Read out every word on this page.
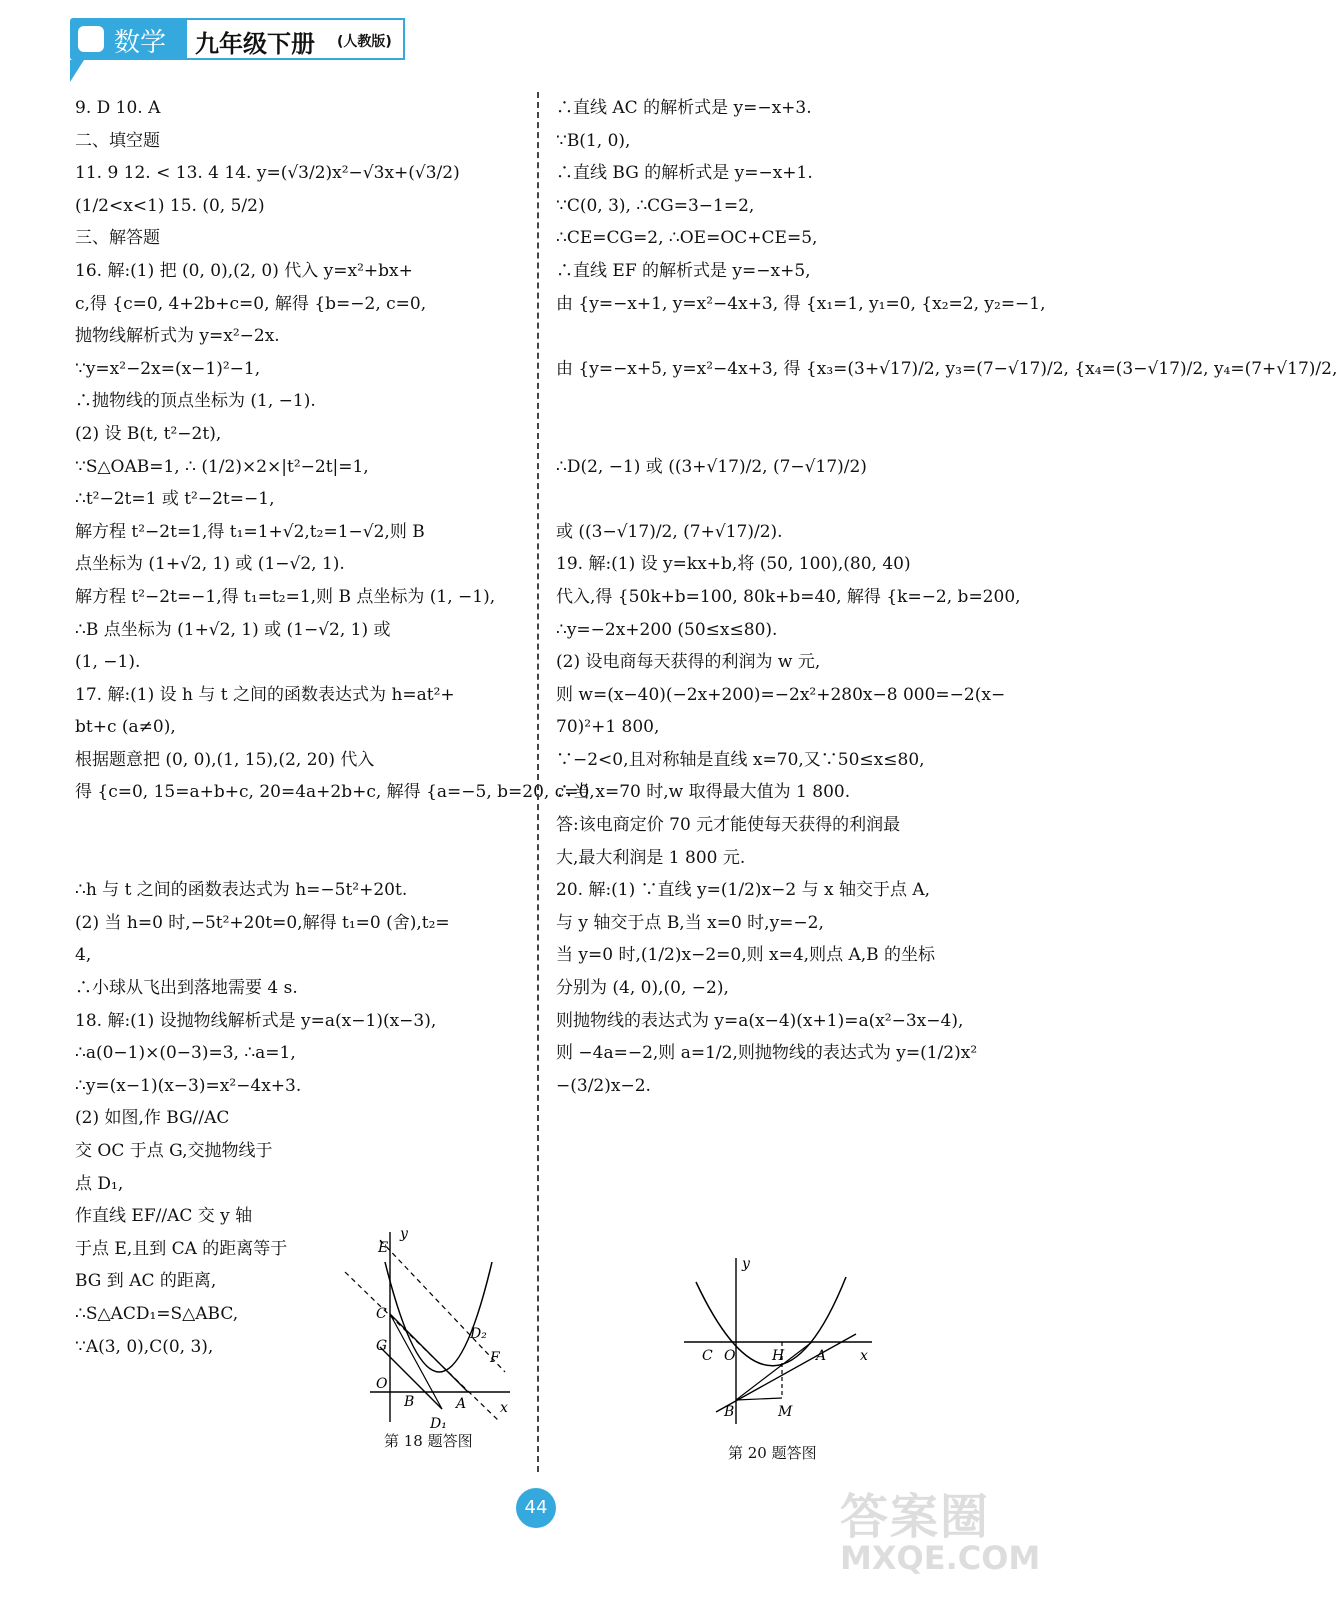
数学 九年级下册 (人教版)
9. D 10. A
二、填空题
11. 9 12. < 13. 4 14. y=(√3/2)x²−√3x+(√3/2)
(1/2<x<1) 15. (0, 5/2)
三、解答题
16. 解:(1) 把 (0, 0),(2, 0) 代入 y=x²+bx+
c,得 {c=0, 4+2b+c=0, 解得 {b=−2, c=0,
抛物线解析式为 y=x²−2x.
∵y=x²−2x=(x−1)²−1,
∴抛物线的顶点坐标为 (1, −1).
(2) 设 B(t, t²−2t),
∵S△OAB=1, ∴ (1/2)×2×|t²−2t|=1,
∴t²−2t=1 或 t²−2t=−1,
解方程 t²−2t=1,得 t₁=1+√2,t₂=1−√2,则 B
点坐标为 (1+√2, 1) 或 (1−√2, 1).
解方程 t²−2t=−1,得 t₁=t₂=1,则 B 点坐标为 (1, −1),
∴B 点坐标为 (1+√2, 1) 或 (1−√2, 1) 或
(1, −1).
17. 解:(1) 设 h 与 t 之间的函数表达式为 h=at²+
bt+c (a≠0),
根据题意把 (0, 0),(1, 15),(2, 20) 代入
得 {c=0, 15=a+b+c, 20=4a+2b+c, 解得 {a=−5, b=20, c=0,
∴h 与 t 之间的函数表达式为 h=−5t²+20t.
(2) 当 h=0 时,−5t²+20t=0,解得 t₁=0 (舍),t₂=
4,
∴小球从飞出到落地需要 4 s.
18. 解:(1) 设抛物线解析式是 y=a(x−1)(x−3),
∴a(0−1)×(0−3)=3, ∴a=1,
∴y=(x−1)(x−3)=x²−4x+3.
(2) 如图,作 BG//AC
交 OC 于点 G,交抛物线于
点 D₁,
作直线 EF//AC 交 y 轴
于点 E,且到 CA 的距离等于
BG 到 AC 的距离,
∴S△ACD₁=S△ABC,
∵A(3, 0),C(0, 3),
∴直线 AC 的解析式是 y=−x+3.
∵B(1, 0),
∴直线 BG 的解析式是 y=−x+1.
∵C(0, 3), ∴CG=3−1=2,
∴CE=CG=2, ∴OE=OC+CE=5,
∴直线 EF 的解析式是 y=−x+5,
由 {y=−x+1, y=x²−4x+3, 得 {x₁=1, y₁=0, {x₂=2, y₂=−1,
由 {y=−x+5, y=x²−4x+3, 得 {x₃=(3+√17)/2, y₃=(7−√17)/2, {x₄=(3−√17)/2, y₄=(7+√17)/2,
∴D(2, −1) 或 ((3+√17)/2, (7−√17)/2)
或 ((3−√17)/2, (7+√17)/2).
19. 解:(1) 设 y=kx+b,将 (50, 100),(80, 40)
代入,得 {50k+b=100, 80k+b=40, 解得 {k=−2, b=200,
∴y=−2x+200 (50≤x≤80).
(2) 设电商每天获得的利润为 w 元,
则 w=(x−40)(−2x+200)=−2x²+280x−8 000=−2(x−
70)²+1 800,
∵−2<0,且对称轴是直线 x=70,又∵50≤x≤80,
∴当 x=70 时,w 取得最大值为 1 800.
答:该电商定价 70 元才能使每天获得的利润最
大,最大利润是 1 800 元.
20. 解:(1) ∵直线 y=(1/2)x−2 与 x 轴交于点 A,
与 y 轴交于点 B,当 x=0 时,y=−2,
当 y=0 时,(1/2)x−2=0,则 x=4,则点 A,B 的坐标
分别为 (4, 0),(0, −2),
则抛物线的表达式为 y=a(x−4)(x+1)=a(x²−3x−4),
则 −4a=−2,则 a=1/2,则抛物线的表达式为 y=(1/2)x²
−(3/2)x−2.
y
E
C
G
O
B	A x
D₁
D₂
F
第 18 题答图
y
C O	H A x
B	M
第 20 题答图
44	答案圈
MXQE.COM
